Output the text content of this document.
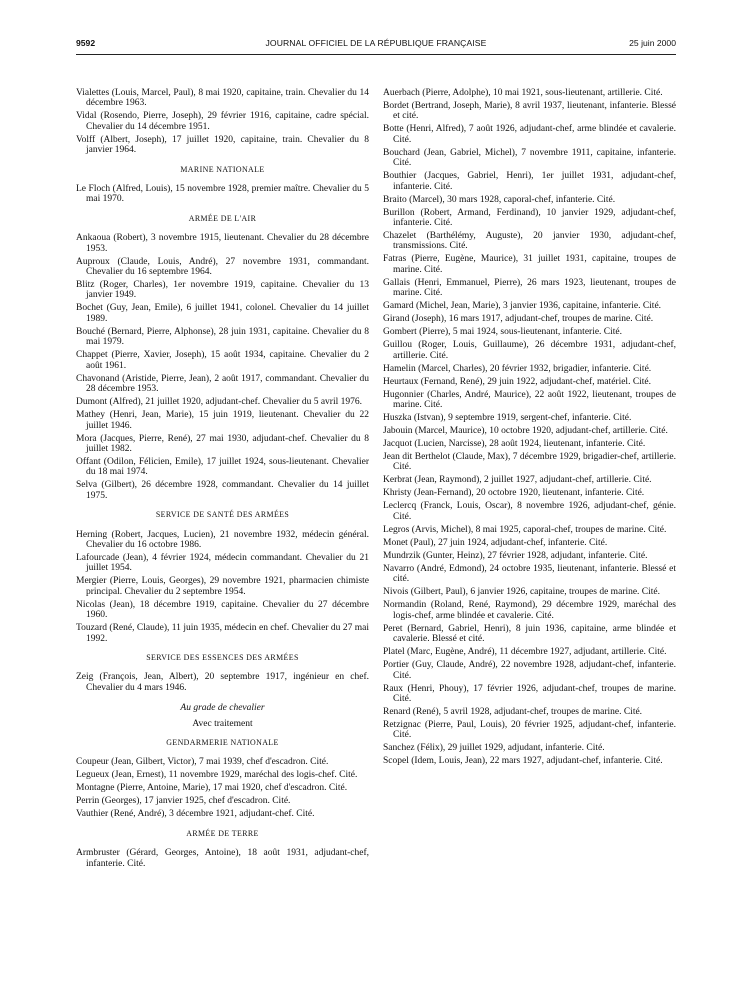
JOURNAL OFFICIEL DE LA RÉPUBLIQUE FRANÇAISE
9592	25 juin 2000
Vialettes (Louis, Marcel, Paul), 8 mai 1920, capitaine, train. Chevalier du 14 décembre 1963.
Vidal (Rosendo, Pierre, Joseph), 29 février 1916, capitaine, cadre spécial. Chevalier du 14 décembre 1951.
Volff (Albert, Joseph), 17 juillet 1920, capitaine, train. Chevalier du 8 janvier 1964.
MARINE NATIONALE
Le Floch (Alfred, Louis), 15 novembre 1928, premier maître. Chevalier du 5 mai 1970.
ARMÉE DE L'AIR
Ankaoua (Robert), 3 novembre 1915, lieutenant. Chevalier du 28 décembre 1953.
Auproux (Claude, Louis, André), 27 novembre 1931, commandant. Chevalier du 16 septembre 1964.
Blitz (Roger, Charles), 1er novembre 1919, capitaine. Chevalier du 13 janvier 1949.
Bochet (Guy, Jean, Emile), 6 juillet 1941, colonel. Chevalier du 14 juillet 1989.
Bouché (Bernard, Pierre, Alphonse), 28 juin 1931, capitaine. Chevalier du 8 mai 1979.
Chappet (Pierre, Xavier, Joseph), 15 août 1934, capitaine. Chevalier du 2 août 1961.
Chavonand (Aristide, Pierre, Jean), 2 août 1917, commandant. Chevalier du 28 décembre 1953.
Dumont (Alfred), 21 juillet 1920, adjudant-chef. Chevalier du 5 avril 1976.
Mathey (Henri, Jean, Marie), 15 juin 1919, lieutenant. Chevalier du 22 juillet 1946.
Mora (Jacques, Pierre, René), 27 mai 1930, adjudant-chef. Chevalier du 8 juillet 1982.
Offant (Odilon, Félicien, Emile), 17 juillet 1924, sous-lieutenant. Chevalier du 18 mai 1974.
Selva (Gilbert), 26 décembre 1928, commandant. Chevalier du 14 juillet 1975.
SERVICE DE SANTÉ DES ARMÉES
Herning (Robert, Jacques, Lucien), 21 novembre 1932, médecin général. Chevalier du 16 octobre 1986.
Lafourcade (Jean), 4 février 1924, médecin commandant. Chevalier du 21 juillet 1954.
Mergier (Pierre, Louis, Georges), 29 novembre 1921, pharmacien chimiste principal. Chevalier du 2 septembre 1954.
Nicolas (Jean), 18 décembre 1919, capitaine. Chevalier du 27 décembre 1960.
Touzard (René, Claude), 11 juin 1935, médecin en chef. Chevalier du 27 mai 1992.
SERVICE DES ESSENCES DES ARMÉES
Zeig (François, Jean, Albert), 20 septembre 1917, ingénieur en chef. Chevalier du 4 mars 1946.
Au grade de chevalier
Avec traitement
GENDARMERIE NATIONALE
Coupeur (Jean, Gilbert, Victor), 7 mai 1939, chef d'escadron. Cité.
Legueux (Jean, Ernest), 11 novembre 1929, maréchal des logis-chef. Cité.
Montagne (Pierre, Antoine, Marie), 17 mai 1920, chef d'escadron. Cité.
Perrin (Georges), 17 janvier 1925, chef d'escadron. Cité.
Vauthier (René, André), 3 décembre 1921, adjudant-chef. Cité.
ARMÉE DE TERRE
Armbruster (Gérard, Georges, Antoine), 18 août 1931, adjudant-chef, infanterie. Cité.
Auerbach (Pierre, Adolphe), 10 mai 1921, sous-lieutenant, artillerie. Cité.
Bordet (Bertrand, Joseph, Marie), 8 avril 1937, lieutenant, infanterie. Blessé et cité.
Botte (Henri, Alfred), 7 août 1926, adjudant-chef, arme blindée et cavalerie. Cité.
Bouchard (Jean, Gabriel, Michel), 7 novembre 1911, capitaine, infanterie. Cité.
Bouthier (Jacques, Gabriel, Henri), 1er juillet 1931, adjudant-chef, infanterie. Cité.
Braito (Marcel), 30 mars 1928, caporal-chef, infanterie. Cité.
Burillon (Robert, Armand, Ferdinand), 10 janvier 1929, adjudant-chef, infanterie. Cité.
Chazelet (Barthélémy, Auguste), 20 janvier 1930, adjudant-chef, transmissions. Cité.
Fatras (Pierre, Eugène, Maurice), 31 juillet 1931, capitaine, troupes de marine. Cité.
Gallais (Henri, Emmanuel, Pierre), 26 mars 1923, lieutenant, troupes de marine. Cité.
Gamard (Michel, Jean, Marie), 3 janvier 1936, capitaine, infanterie. Cité.
Girand (Joseph), 16 mars 1917, adjudant-chef, troupes de marine. Cité.
Gombert (Pierre), 5 mai 1924, sous-lieutenant, infanterie. Cité.
Guillou (Roger, Louis, Guillaume), 26 décembre 1931, adjudant-chef, artillerie. Cité.
Hamelin (Marcel, Charles), 20 février 1932, brigadier, infanterie. Cité.
Heurtaux (Fernand, René), 29 juin 1922, adjudant-chef, matériel. Cité.
Hugonnier (Charles, André, Maurice), 22 août 1922, lieutenant, troupes de marine. Cité.
Huszka (Istvan), 9 septembre 1919, sergent-chef, infanterie. Cité.
Jabouin (Marcel, Maurice), 10 octobre 1920, adjudant-chef, artillerie. Cité.
Jacquot (Lucien, Narcisse), 28 août 1924, lieutenant, infanterie. Cité.
Jean dit Berthelot (Claude, Max), 7 décembre 1929, brigadier-chef, artillerie. Cité.
Kerbrat (Jean, Raymond), 2 juillet 1927, adjudant-chef, artillerie. Cité.
Khristy (Jean-Fernand), 20 octobre 1920, lieutenant, infanterie. Cité.
Leclercq (Franck, Louis, Oscar), 8 novembre 1926, adjudant-chef, génie. Cité.
Legros (Arvis, Michel), 8 mai 1925, caporal-chef, troupes de marine. Cité.
Monet (Paul), 27 juin 1924, adjudant-chef, infanterie. Cité.
Mundrzik (Gunter, Heinz), 27 février 1928, adjudant, infanterie. Cité.
Navarro (André, Edmond), 24 octobre 1935, lieutenant, infanterie. Blessé et cité.
Nivois (Gilbert, Paul), 6 janvier 1926, capitaine, troupes de marine. Cité.
Normandin (Roland, René, Raymond), 29 décembre 1929, maréchal des logis-chef, arme blindée et cavalerie. Cité.
Peret (Bernard, Gabriel, Henri), 8 juin 1936, capitaine, arme blindée et cavalerie. Blessé et cité.
Platel (Marc, Eugène, André), 11 décembre 1927, adjudant, artillerie. Cité.
Portier (Guy, Claude, André), 22 novembre 1928, adjudant-chef, infanterie. Cité.
Raux (Henri, Phouy), 17 février 1926, adjudant-chef, troupes de marine. Cité.
Renard (René), 5 avril 1928, adjudant-chef, troupes de marine. Cité.
Retzignac (Pierre, Paul, Louis), 20 février 1925, adjudant-chef, infanterie. Cité.
Sanchez (Félix), 29 juillet 1929, adjudant, infanterie. Cité.
Scopel (Idem, Louis, Jean), 22 mars 1927, adjudant-chef, infanterie. Cité.
